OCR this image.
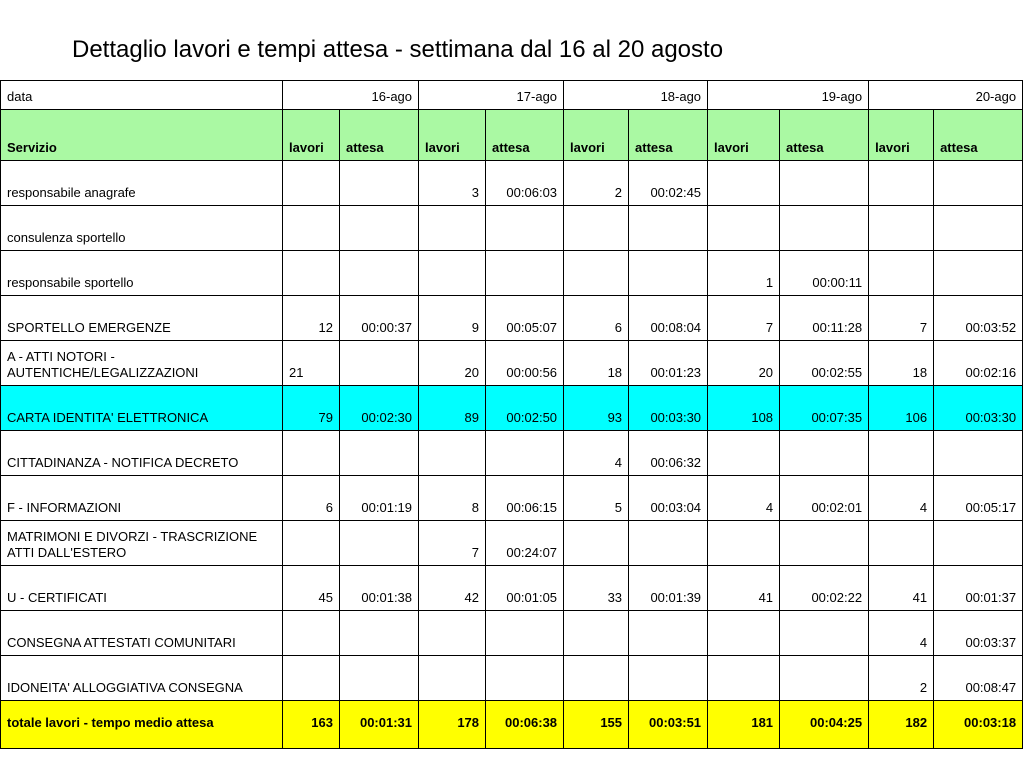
Dettaglio lavori e tempi attesa - settimana dal 16 al 20 agosto
data	16-ago		17-ago		18-ago		19-ago		20-ago	
Servizio	lavori	attesa	lavori	attesa	lavori	attesa	lavori	attesa	lavori	attesa
responsabile anagrafe			3	00:06:03	2	00:02:45				
consulenza sportello										
responsabile sportello							1	00:00:11		
SPORTELLO EMERGENZE	12	00:00:37	9	00:05:07	6	00:08:04	7	00:11:28	7	00:03:52
A - ATTI NOTORI - AUTENTICHE/LEGALIZZAZIONI	21		20	00:00:56	18	00:01:23	20	00:02:55	18	00:02:16
CARTA IDENTITA' ELETTRONICA	79	00:02:30	89	00:02:50	93	00:03:30	108	00:07:35	106	00:03:30
CITTADINANZA - NOTIFICA DECRETO					4	00:06:32				
F - INFORMAZIONI	6	00:01:19	8	00:06:15	5	00:03:04	4	00:02:01	4	00:05:17
MATRIMONI E DIVORZI - TRASCRIZIONE ATTI DALL'ESTERO			7	00:24:07						
U - CERTIFICATI	45	00:01:38	42	00:01:05	33	00:01:39	41	00:02:22	41	00:01:37
CONSEGNA ATTESTATI COMUNITARI									4	00:03:37
IDONEITA' ALLOGGIATIVA CONSEGNA									2	00:08:47
totale lavori - tempo medio attesa	163	00:01:31	178	00:06:38	155	00:03:51	181	00:04:25	182	00:03:18
